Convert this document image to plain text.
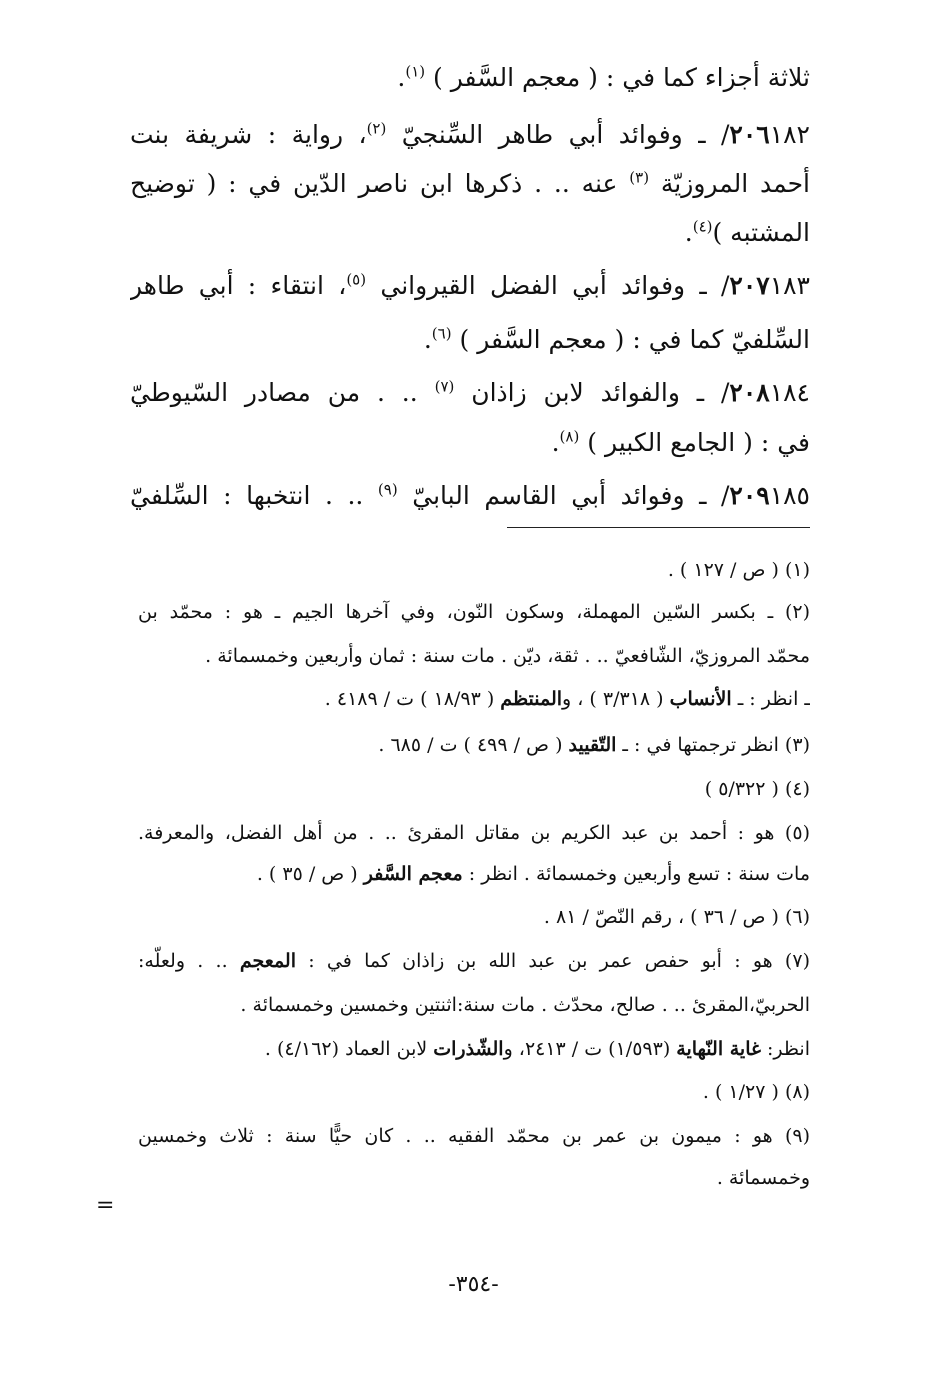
ثلاثة أجزاء كما في : ( معجم السَّفر ) $^{(١)}$.
٢٠٦١٨٢/ ـ وفوائد أبي طاهر السِّنجيّ $^{(٢)}$، رواية : شريفة بنت
أحمد المروزيّة $^{(٣)}$ عنه .. . ذكرها ابن ناصر الدّين في : ( توضيح
المشتبه )$^{(٤)}$.
٢٠٧١٨٣/ ـ وفوائد أبي الفضل القيرواني $^{(٥)}$، انتقاء : أبي طاهر
السِّلفيّ كما في : ( معجم السَّفر ) $^{(٦)}$.
٢٠٨١٨٤/ ـ والفوائد لابن زاذان $^{(٧)}$ .. . من مصادر السّيوطيّ
في : ( الجامع الكبير ) $^{(٨)}$.
٢٠٩١٨٥/ ـ وفوائد أبي القاسم البابيّ $^{(٩)}$ .. . انتخبها : السِّلفيّ
(١) ( ص / ١٢٧ ) .
(٢) ـ بكسر السّين المهملة، وسكون النّون، وفي آخرها الجيم ـ هو : محمّد بن
محمّد المروزيّ، الشّافعيّ .. . ثقة، ديّن . مات سنة : ثمان وأربعين وخمسمائة .
ـ انظر : ـ الأنساب ( ٣/٣١٨ ) ، والمنتظم ( ١٨/٩٣ ) ت / ٤١٨٩ .
(٣) انظر ترجمتها في : ـ التّقييد ( ص / ٤٩٩ ) ت / ٦٨٥ .
(٤) ( ٥/٣٢٢ )
(٥) هو : أحمد بن عبد الكريم بن مقاتل المقرئ .. . من أهل الفضل، والمعرفة.
مات سنة : تسع وأربعين وخمسمائة . انظر : معجم السَّفر ( ص / ٣٥ ) .
(٦) ( ص / ٣٦ ) ، رقم النّصّ / ٨١ .
(٧) هو : أبو حفص عمر بن عبد الله بن زاذان كما في : المعجم .. . ولعلّه:
الحربيّ،المقرئ .. . صالح، محدّث . مات سنة:اثنتين وخمسين وخمسمائة .
انظر: غاية النّهاية (١/٥٩٣) ت / ٢٤١٣، والشّذرات لابن العماد (٤/١٦٢) .
(٨) ( ١/٢٧ ) .
(٩) هو : ميمون بن عمر بن محمّد الفقيه .. . كان حيًّا سنة : ثلاث وخمسين
وخمسمائة .
=
-٣٥٤-
